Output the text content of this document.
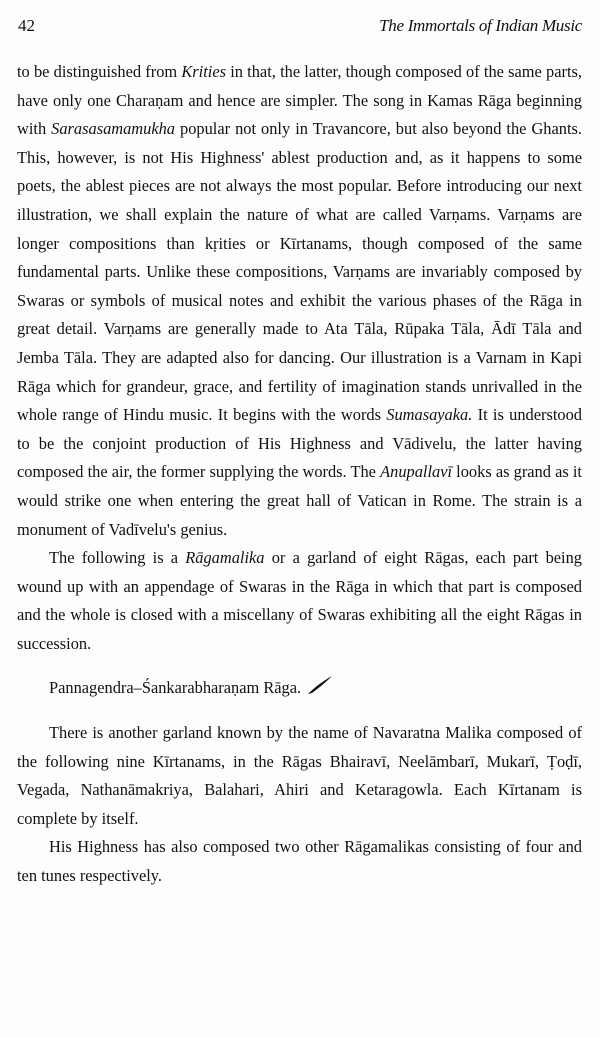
42	The Immortals of Indian Music

to be distinguished from Krities in that, the latter, though composed of the same parts, have only one Charaṇam and hence are simpler. The song in Kamas Rāga beginning with Sarasasamamukha popular not only in Travancore, but also beyond the Ghants. This, however, is not His Highness' ablest production and, as it happens to some poets, the ablest pieces are not always the most popular. Before introducing our next illustration, we shall explain the nature of what are called Varṇams. Varṇams are longer compositions than kṛities or Kīrtanams, though composed of the same fundamental parts. Unlike these compositions, Varṇams are invariably composed by Swaras or symbols of musical notes and exhibit the various phases of the Rāga in great detail. Varṇams are generally made to Ata Tāla, Rūpaka Tāla, Ādī Tāla and Jemba Tāla. They are adapted also for dancing. Our illustration is a Varnam in Kapi Rāga which for grandeur, grace, and fertility of imagination stands unrivalled in the whole range of Hindu music. It begins with the words Sumasayaka. It is understood to be the conjoint production of His Highness and Vādivelu, the latter having composed the air, the former supplying the words. The Anupallavī looks as grand as it would strike one when entering the great hall of Vatican in Rome. The strain is a monument of Vadīvelu's genius.

The following is a Rāgamalika or a garland of eight Rāgas, each part being wound up with an appendage of Swaras in the Rāga in which that part is composed and the whole is closed with a miscellany of Swaras exhibiting all the eight Rāgas in succession.

Pannagendra–Śankarabharaṇam Rāga.

There is another garland known by the name of Navaratna Malika composed of the following nine Kīrtanams, in the Rāgas Bhairavī, Neelāmbarī, Mukarī, Ṭoḍī, Vegada, Nathanāmakriya, Balahari, Ahiri and Ketaragowla. Each Kīrtanam is complete by itself.

His Highness has also composed two other Rāgamalikas consisting of four and ten tunes respectively.
